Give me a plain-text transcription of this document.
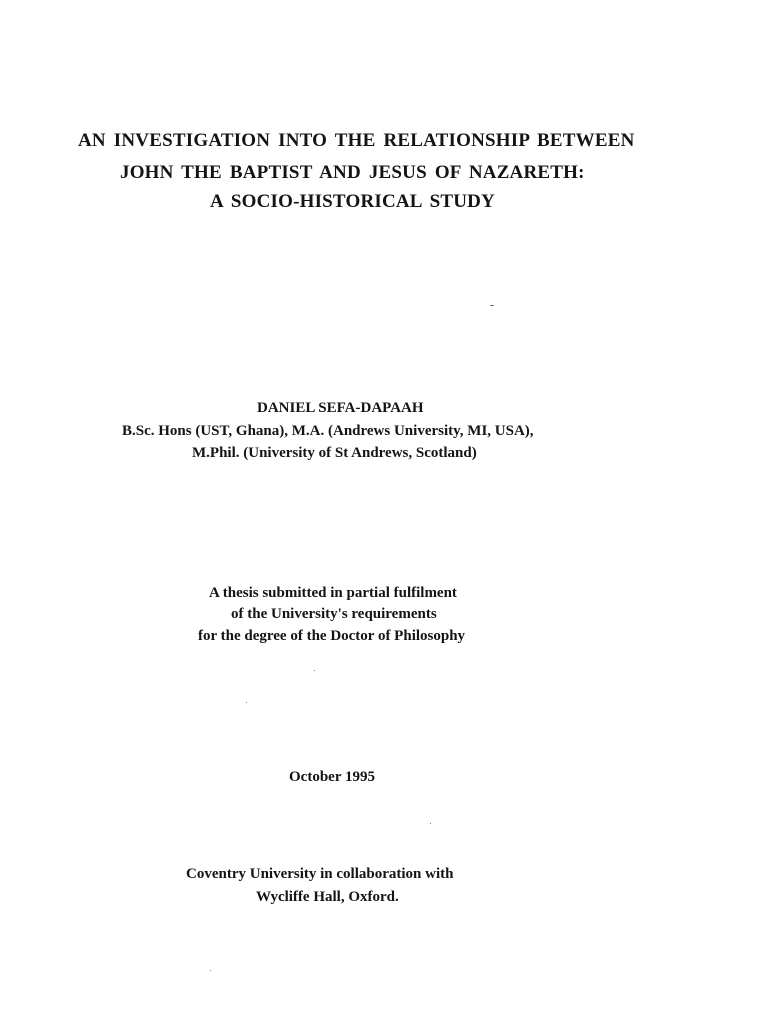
AN INVESTIGATION INTO THE RELATIONSHIP BETWEEN
JOHN THE BAPTIST AND JESUS OF NAZARETH:
A SOCIO-HISTORICAL STUDY
DANIEL SEFA-DAPAAH
B.Sc. Hons (UST, Ghana), M.A. (Andrews University, MI, USA),
M.Phil. (University of St Andrews, Scotland)
A thesis submitted in partial fulfilment
of the University's requirements
for the degree of the Doctor of Philosophy
October 1995
Coventry University in collaboration with
Wycliffe Hall, Oxford.
